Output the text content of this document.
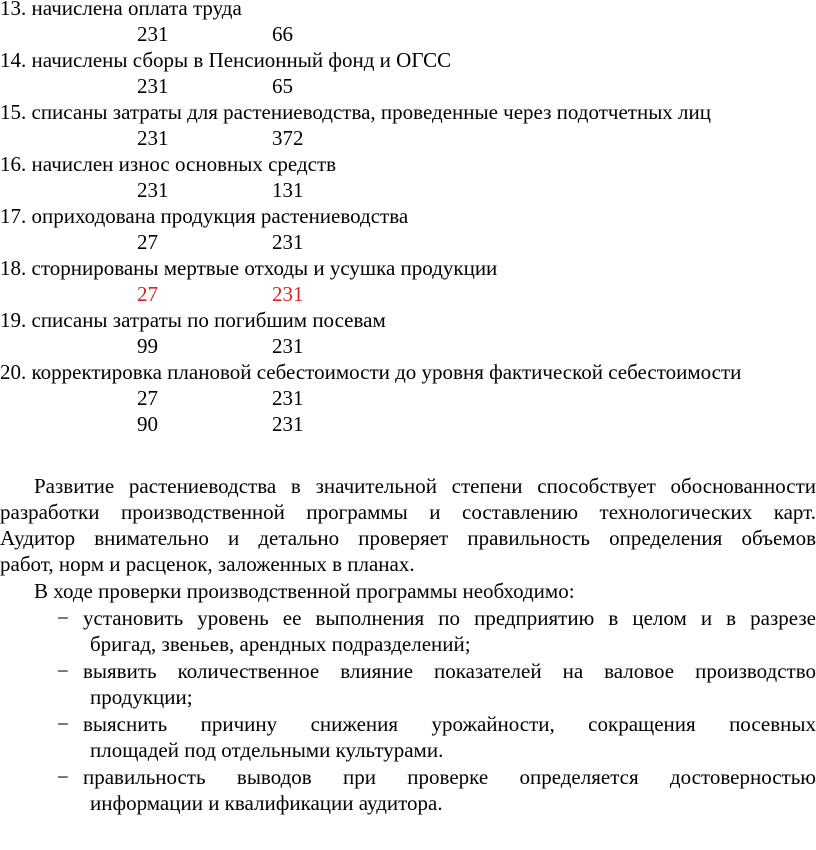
13. начислена оплата труда
231	66
14. начислены сборы в Пенсионный фонд и ОГСС
231	65
15. списаны затраты для растениеводства, проведенные через подотчетных лиц
231	372
16. начислен износ основных средств
231	131
17. оприходована продукция растениеводства
27	231
18. сторнированы мертвые отходы и усушка продукции
27	231
19. списаны затраты по погибшим посевам
99	231
20. корректировка плановой себестоимости до уровня фактической себестоимости
27	231
90	231
Развитие растениеводства в значительной степени способствует обоснованности
разработки производственной программы и составлению технологических карт.
Аудитор внимательно и детально проверяет правильность определения объемов
работ, норм и расценок, заложенных в планах.
В ходе проверки производственной программы необходимо:
− установить уровень ее выполнения по предприятию в целом и в разрезе
бригад, звеньев, арендных подразделений;
− выявить количественное влияние показателей на валовое производство
продукции;
− выяснить причину снижения урожайности, сокращения посевных
площадей под отдельными культурами.
− правильность выводов при проверке определяется достоверностью
информации и квалификации аудитора.
